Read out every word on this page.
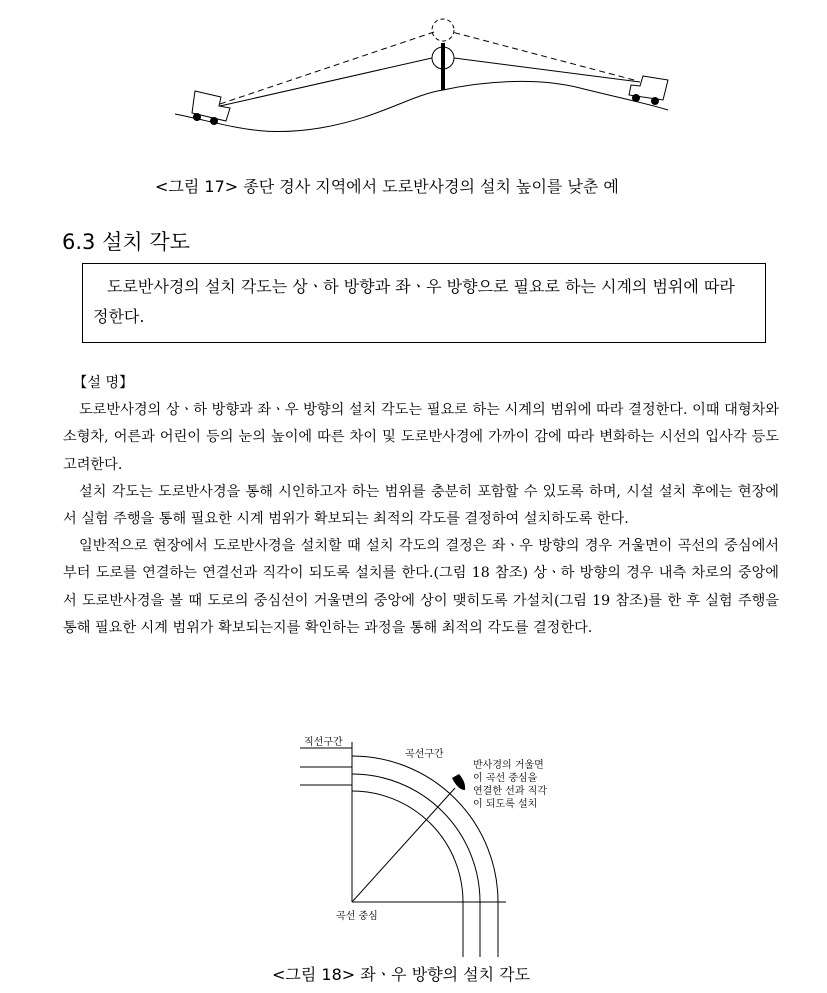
<그림 17> 종단 경사 지역에서 도로반사경의 설치 높이를 낮춘 예
6.3 설치 각도

도로반사경의 설치 각도는 상ㆍ하 방향과 좌ㆍ우 방향으로 필요로 하는 시계의 범위에 따라 정한다.

【설 명】

도로반사경의 상ㆍ하 방향과 좌ㆍ우 방향의 설치 각도는 필요로 하는 시계의 범위에 따라 결정한다. 이때 대형차와 소형차, 어른과 어린이 등의 눈의 높이에 따른 차이 및 도로반사경에 가까이 감에 따라 변화하는 시선의 입사각 등도 고려한다.

설치 각도는 도로반사경을 통해 시인하고자 하는 범위를 충분히 포함할 수 있도록 하며, 시설 설치 후에는 현장에서 실험 주행을 통해 필요한 시계 범위가 확보되는 최적의 각도를 결정하여 설치하도록 한다.

일반적으로 현장에서 도로반사경을 설치할 때 설치 각도의 결정은 좌ㆍ우 방향의 경우 거울면이 곡선의 중심에서부터 도로를 연결하는 연결선과 직각이 되도록 설치를 한다.(그림 18 참조) 상ㆍ하 방향의 경우 내측 차로의 중앙에서 도로반사경을 볼 때 도로의 중심선이 거울면의 중앙에 상이 맺히도록 가설치(그림 19 참조)를 한 후 실험 주행을 통해 필요한 시계 범위가 확보되는지를 확인하는 과정을 통해 최적의 각도를 결정한다.

직선구간
곡선구간
반사경의 거울면
이 곡선 중심을
연결한 선과 직각
이 되도록 설치
곡선 중심
<그림 18> 좌ㆍ우 방향의 설치 각도
